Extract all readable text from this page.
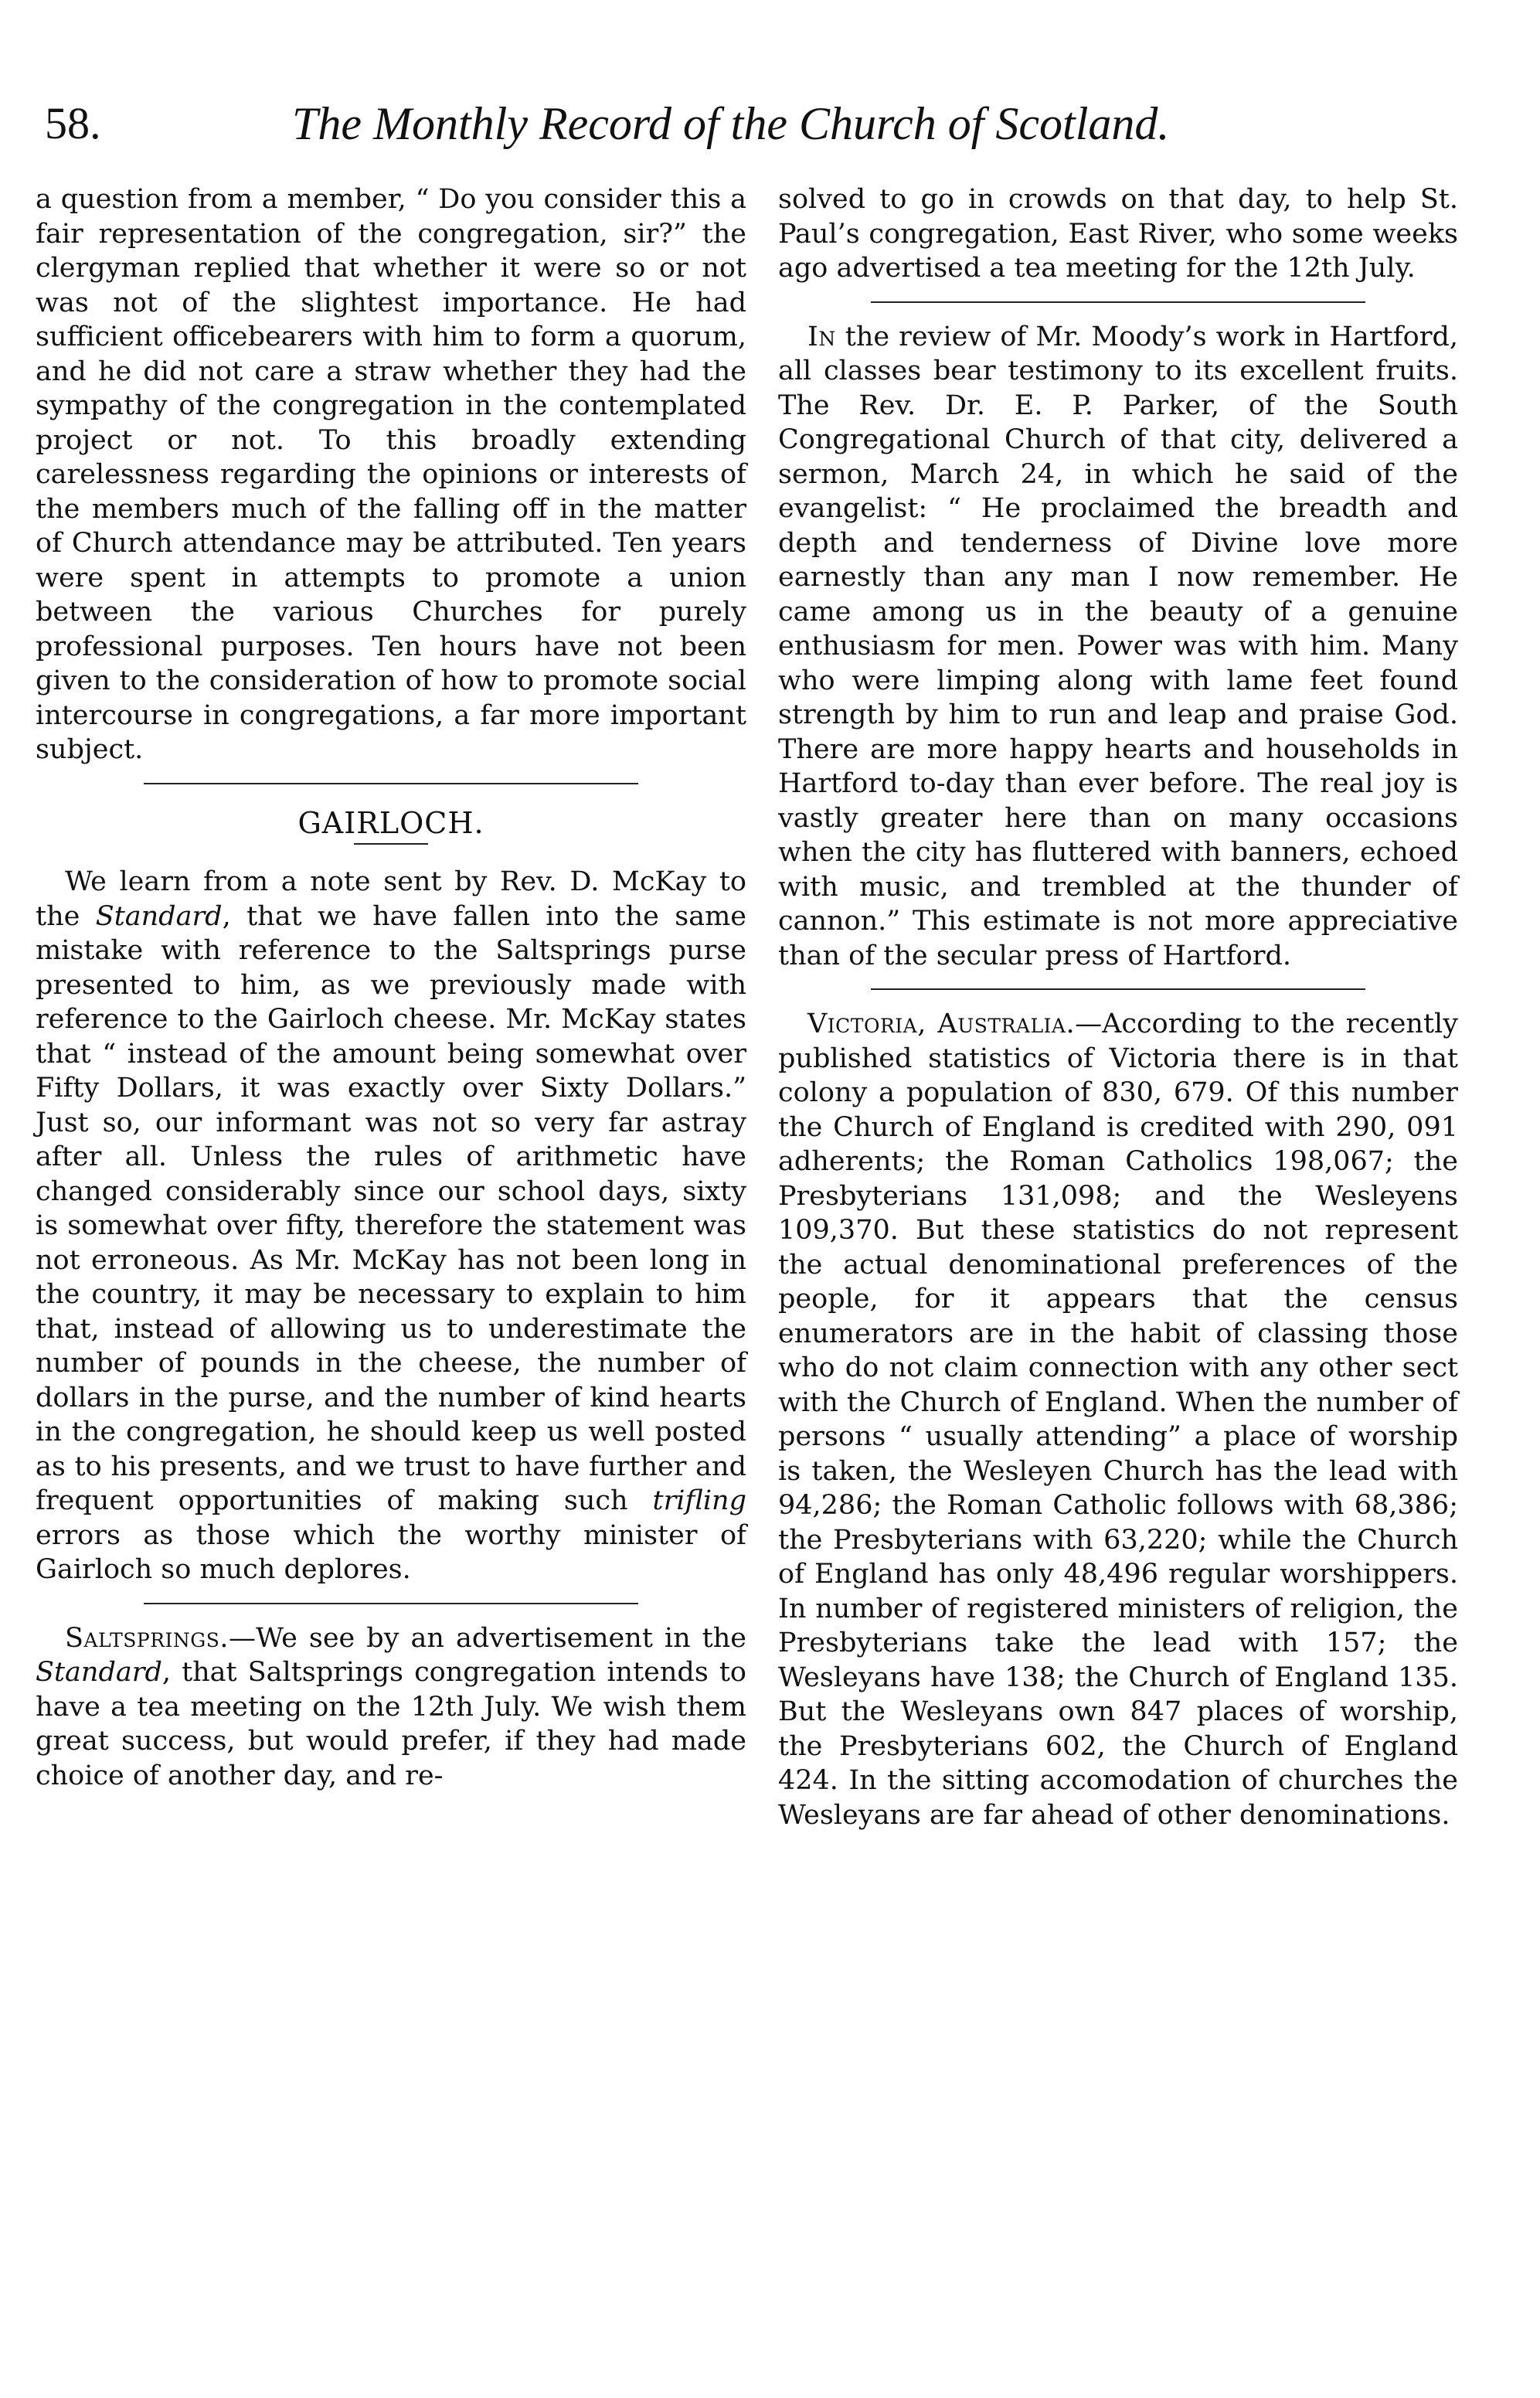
58.	The Monthly Record of the Church of Scotland.

a question from a member, “ Do you consider this a fair representation of the congregation, sir?” the clergyman replied that whether it were so or not was not of the slightest importance. He had sufficient officebearers with him to form a quorum, and he did not care a straw whether they had the sympathy of the congregation in the contemplated project or not. To this broadly extending carelessness regarding the opinions or interests of the members much of the falling off in the matter of Church attendance may be attributed. Ten years were spent in attempts to promote a union between the various Churches for purely professional purposes. Ten hours have not been given to the consideration of how to promote social intercourse in congregations, a far more important subject.

GAIRLOCH.

We learn from a note sent by Rev. D. McKay to the Standard, that we have fallen into the same mistake with reference to the Saltsprings purse presented to him, as we previously made with reference to the Gairloch cheese. Mr. McKay states that “ instead of the amount being somewhat over Fifty Dollars, it was exactly over Sixty Dollars.” Just so, our informant was not so very far astray after all. Unless the rules of arithmetic have changed considerably since our school days, sixty is somewhat over fifty, therefore the statement was not erroneous. As Mr. McKay has not been long in the country, it may be necessary to explain to him that, instead of allowing us to underestimate the number of pounds in the cheese, the number of dollars in the purse, and the number of kind hearts in the congregation, he should keep us well posted as to his presents, and we trust to have further and frequent opportunities of making such trifling errors as those which the worthy minister of Gairloch so much deplores.

Saltsprings.—We see by an advertisement in the Standard, that Saltsprings congregation intends to have a tea meeting on the 12th July. We wish them great success, but would prefer, if they had made choice of another day, and re-

solved to go in crowds on that day, to help St. Paul’s congregation, East River, who some weeks ago advertised a tea meeting for the 12th July.

In the review of Mr. Moody’s work in Hartford, all classes bear testimony to its excellent fruits. The Rev. Dr. E. P. Parker, of the South Congregational Church of that city, delivered a sermon, March 24, in which he said of the evangelist: “ He proclaimed the breadth and depth and tenderness of Divine love more earnestly than any man I now remember. He came among us in the beauty of a genuine enthusiasm for men. Power was with him. Many who were limping along with lame feet found strength by him to run and leap and praise God. There are more happy hearts and households in Hartford to-day than ever before. The real joy is vastly greater here than on many occasions when the city has fluttered with banners, echoed with music, and trembled at the thunder of cannon.” This estimate is not more appreciative than of the secular press of Hartford.

Victoria, Australia.—According to the recently published statistics of Victoria there is in that colony a population of 830, 679. Of this number the Church of England is credited with 290, 091 adherents; the Roman Catholics 198,067; the Presbyterians 131,098; and the Wesleyens 109,370. But these statistics do not represent the actual denominational preferences of the people, for it appears that the census enumerators are in the habit of classing those who do not claim connection with any other sect with the Church of England. When the number of persons “ usually attending” a place of worship is taken, the Wesleyen Church has the lead with 94,286; the Roman Catholic follows with 68,386; the Presbyterians with 63,220; while the Church of England has only 48,496 regular worshippers. In number of registered ministers of religion, the Presbyterians take the lead with 157; the Wesleyans have 138; the Church of England 135. But the Wesleyans own 847 places of worship, the Presbyterians 602, the Church of England 424. In the sitting accomodation of churches the Wesleyans are far ahead of other denominations.
